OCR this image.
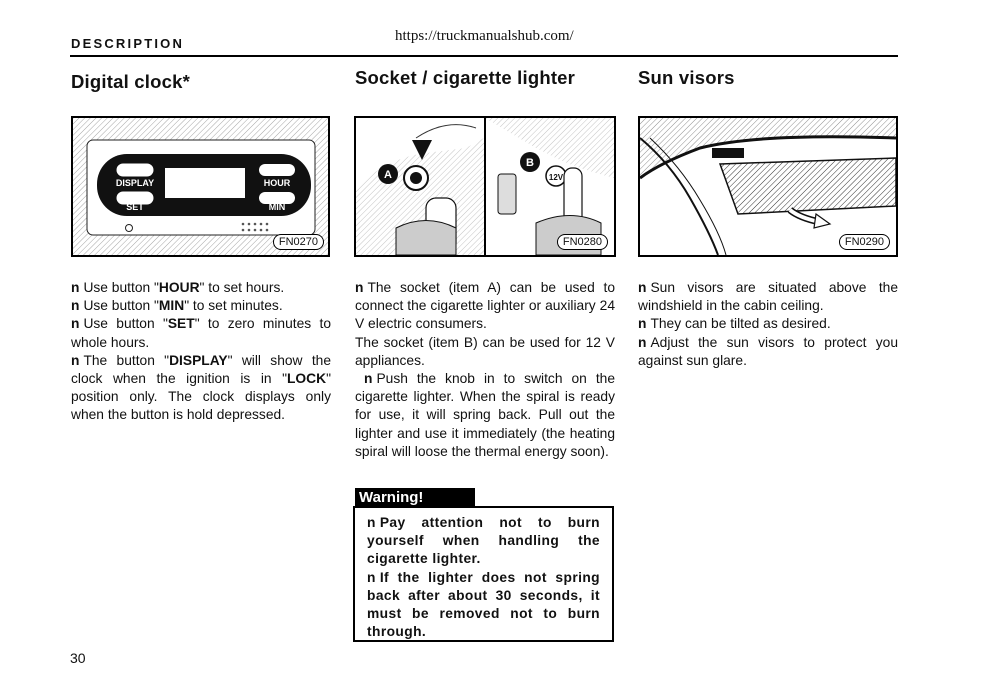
DESCRIPTION	https://truckmanualshub.com/
Digital clock*
DISPLAY
SET
HOUR
MIN
FN0270

n Use button "HOUR" to set hours.

n Use button "MIN" to set minutes.

n Use button "SET" to zero minutes to whole hours.

n The button "DISPLAY" will show the clock when the ignition is in "LOCK" position only. The clock displays only when the button is hold depressed.

Socket / cigarette lighter
A	12V
B
FN0280

n The socket (item A) can be used to connect the cigarette lighter or auxiliary 24 V electric consumers.

The socket (item B) can be used for 12 V appliances.

n Push the knob in to switch on the cigarette lighter. When the spiral is ready for use, it will spring back. Pull out the lighter and use it immediately (the heating spiral will loose the thermal energy soon).

Warning!

n Pay attention not to burn yourself when handling the cigarette lighter.

n If the lighter does not spring back after about 30 seconds, it must be removed not to burn through.

Sun visors
FN0290

n Sun visors are situated above the windshield in the cabin ceiling.

n They can be tilted as desired.

n Adjust the sun visors to protect you against sun glare.

30
